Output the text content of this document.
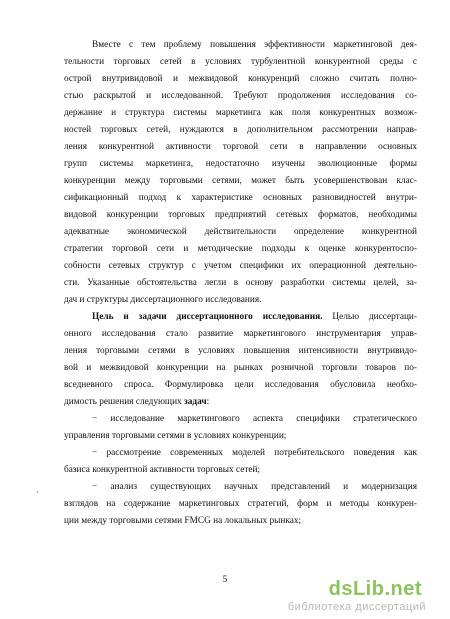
Вместе с тем проблему повышения эффективности маркетинговой дея-
тельности торговых сетей в условиях турбулентной конкурентной среды с
острой внутривидовой и межвидовой конкуренций сложно считать полно-
стью раскрытой и исследованной. Требуют продолжения исследования со-
держание и структура системы маркетинга как поля конкурентных возмож-
ностей торговых сетей, нуждаются в дополнительном рассмотрении направ-
ления конкурентной активности торговой сети в направлении основных
групп системы маркетинга, недостаточно изучены эволюционные формы
конкуренции между торговыми сетями, может быть усовершенствован клас-
сификационный подход к характеристике основных разновидностей внутри-
видовой конкуренции торговых предприятий сетевых форматов, необходимы
адекватные экономической действительности определение конкурентной
стратегии торговой сети и методические подходы к оценке конкурентоспо-
собности сетевых структур с учетом специфики их операционной деятельно-
сти. Указанные обстоятельства легли в основу разработки системы целей, за-
дач и структуры диссертационного исследования.
Цель и задачи диссертационного исследования. Целью диссертаци-
онного исследования стало развитие маркетингового инструментария управ-
ления торговыми сетями в условиях повышения интенсивности внутривидо-
вой и межвидовой конкуренции на рынках розничной торговли товаров по-
вседневного спроса. Формулировка цели исследования обусловила необхо-
димость решения следующих задач:
− исследование маркетингового аспекта специфики стратегического
управления торговыми сетями в условиях конкуренции;
− рассмотрение современных моделей потребительского поведения как
базиса конкурентной активности торговых сетей;
− анализ существующих научных представлений и модернизация
взглядов на содержание маркетинговых стратегий, форм и методы конкурен-
ции между торговыми сетями FMCG на локальных рынках;
ˋ
5	dsLib.net
библиотека диссертаций
